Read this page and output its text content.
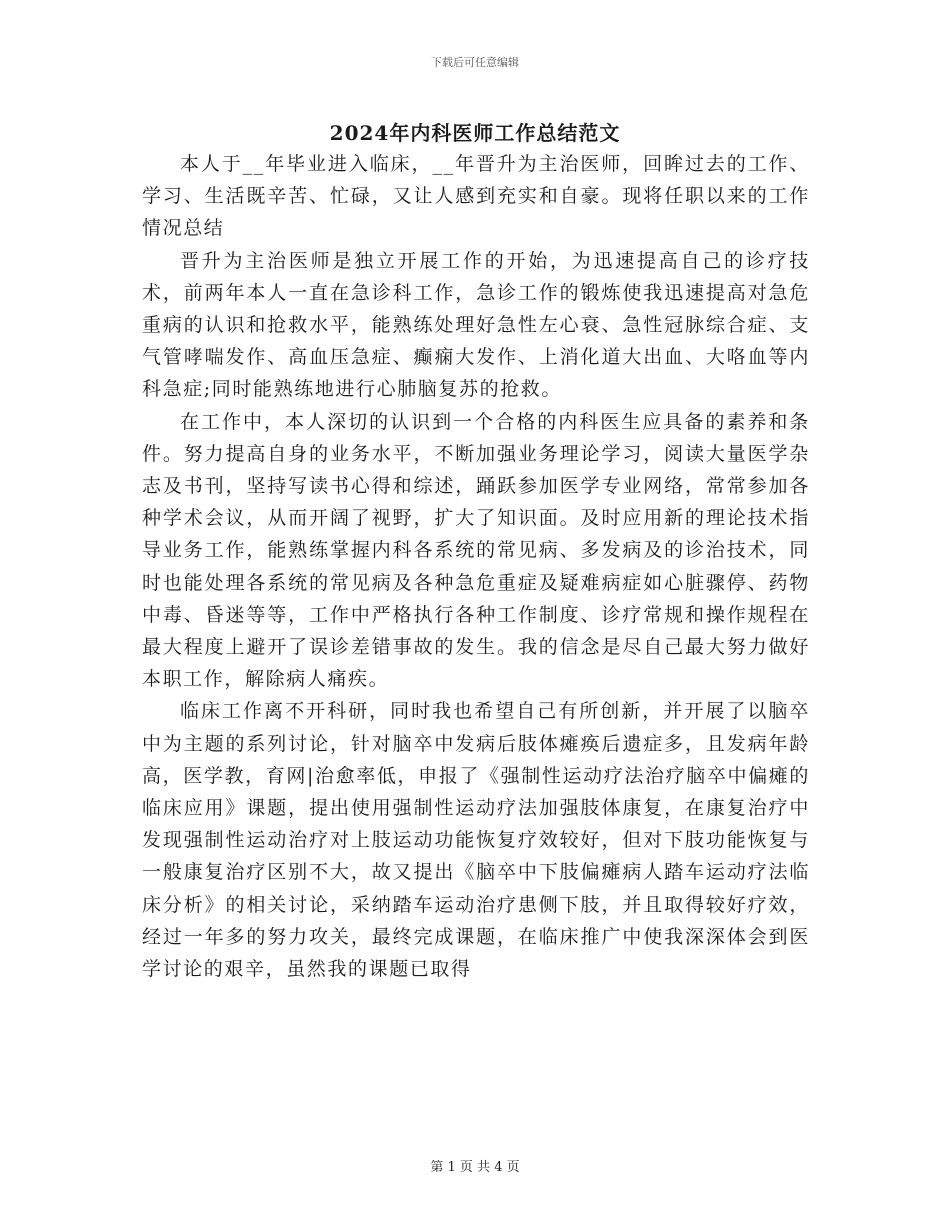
下载后可任意编辑
2024年内科医师工作总结范文

本人于__年毕业进入临床，__年晋升为主治医师，回眸过去的工作、学习、生活既辛苦、忙碌，又让人感到充实和自豪。现将任职以来的工作情况总结

晋升为主治医师是独立开展工作的开始，为迅速提高自己的诊疗技术，前两年本人一直在急诊科工作，急诊工作的锻炼使我迅速提高对急危重病的认识和抢救水平，能熟练处理好急性左心衰、急性冠脉综合症、支气管哮喘发作、高血压急症、癫痫大发作、上消化道大出血、大咯血等内科急症;同时能熟练地进行心肺脑复苏的抢救。

在工作中，本人深切的认识到一个合格的内科医生应具备的素养和条件。努力提高自身的业务水平，不断加强业务理论学习，阅读大量医学杂志及书刊，坚持写读书心得和综述，踊跃参加医学专业网络，常常参加各种学术会议，从而开阔了视野，扩大了知识面。及时应用新的理论技术指导业务工作，能熟练掌握内科各系统的常见病、多发病及的诊治技术，同时也能处理各系统的常见病及各种急危重症及疑难病症如心脏骤停、药物中毒、昏迷等等，工作中严格执行各种工作制度、诊疗常规和操作规程在最大程度上避开了误诊差错事故的发生。我的信念是尽自己最大努力做好本职工作，解除病人痛疾。

临床工作离不开科研，同时我也希望自己有所创新，并开展了以脑卒中为主题的系列讨论，针对脑卒中发病后肢体瘫痪后遗症多，且发病年龄高，医学教，育网|治愈率低，申报了《强制性运动疗法治疗脑卒中偏瘫的临床应用》课题，提出使用强制性运动疗法加强肢体康复，在康复治疗中发现强制性运动治疗对上肢运动功能恢复疗效较好，但对下肢功能恢复与一般康复治疗区别不大，故又提出《脑卒中下肢偏瘫病人踏车运动疗法临床分析》的相关讨论，采纳踏车运动治疗患侧下肢，并且取得较好疗效，经过一年多的努力攻关，最终完成课题，在临床推广中使我深深体会到医学讨论的艰辛，虽然我的课题已取得

第 1 页 共 4 页
